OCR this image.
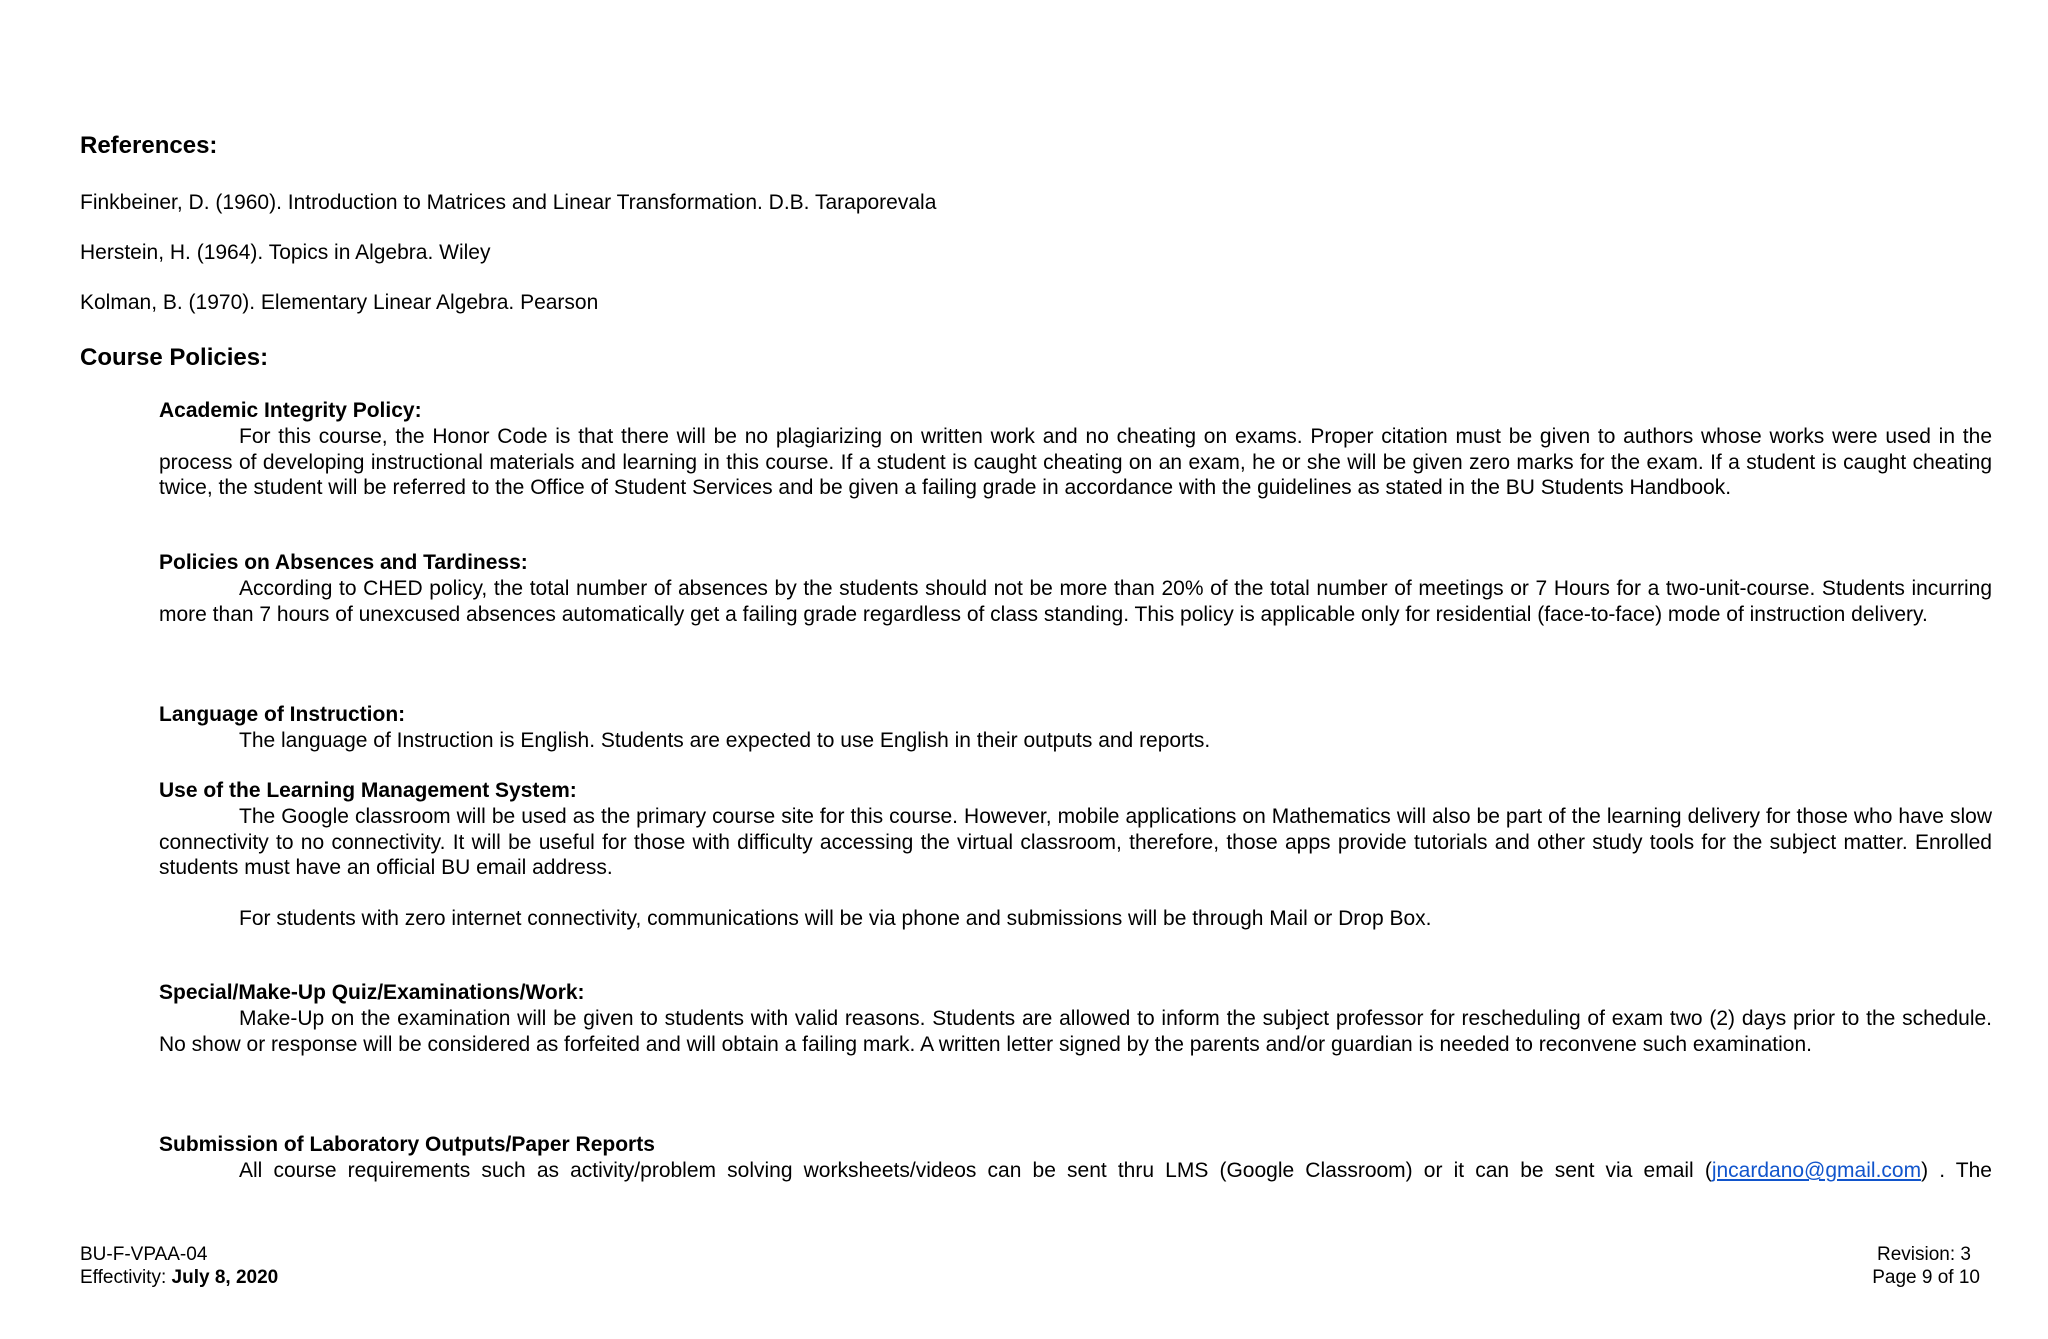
References:

Finkbeiner, D. (1960). Introduction to Matrices and Linear Transformation. D.B. Taraporevala

Herstein, H. (1964). Topics in Algebra. Wiley

Kolman, B. (1970). Elementary Linear Algebra. Pearson

Course Policies:

Academic Integrity Policy:

For this course, the Honor Code is that there will be no plagiarizing on written work and no cheating on exams. Proper citation must be given to authors whose works were used in the process of developing instructional materials and learning in this course. If a student is caught cheating on an exam, he or she will be given zero marks for the exam. If a student is caught cheating twice, the student will be referred to the Office of Student Services and be given a failing grade in accordance with the guidelines as stated in the BU Students Handbook.

Policies on Absences and Tardiness:

According to CHED policy, the total number of absences by the students should not be more than 20% of the total number of meetings or 7 Hours for a two-unit-course. Students incurring more than 7 hours of unexcused absences automatically get a failing grade regardless of class standing. This policy is applicable only for residential (face-to-face) mode of instruction delivery.

Language of Instruction:

The language of Instruction is English. Students are expected to use English in their outputs and reports.

Use of the Learning Management System:

The Google classroom will be used as the primary course site for this course. However, mobile applications on Mathematics will also be part of the learning delivery for those who have slow connectivity to no connectivity. It will be useful for those with difficulty accessing the virtual classroom, therefore, those apps provide tutorials and other study tools for the subject matter. Enrolled students must have an official BU email address.

For students with zero internet connectivity, communications will be via phone and submissions will be through Mail or Drop Box.

Special/Make-Up Quiz/Examinations/Work:

Make-Up on the examination will be given to students with valid reasons. Students are allowed to inform the subject professor for rescheduling of exam two (2) days prior to the schedule. No show or response will be considered as forfeited and will obtain a failing mark. A written letter signed by the parents and/or guardian is needed to reconvene such examination.

Submission of Laboratory Outputs/Paper Reports

All course requirements such as activity/problem solving worksheets/videos can be sent thru LMS (Google Classroom) or it can be sent via email (jncardano@gmail.com) . The

BU-F-VPAA-04
Effectivity: July 8, 2020
Revision: 3
Page 9 of 10
